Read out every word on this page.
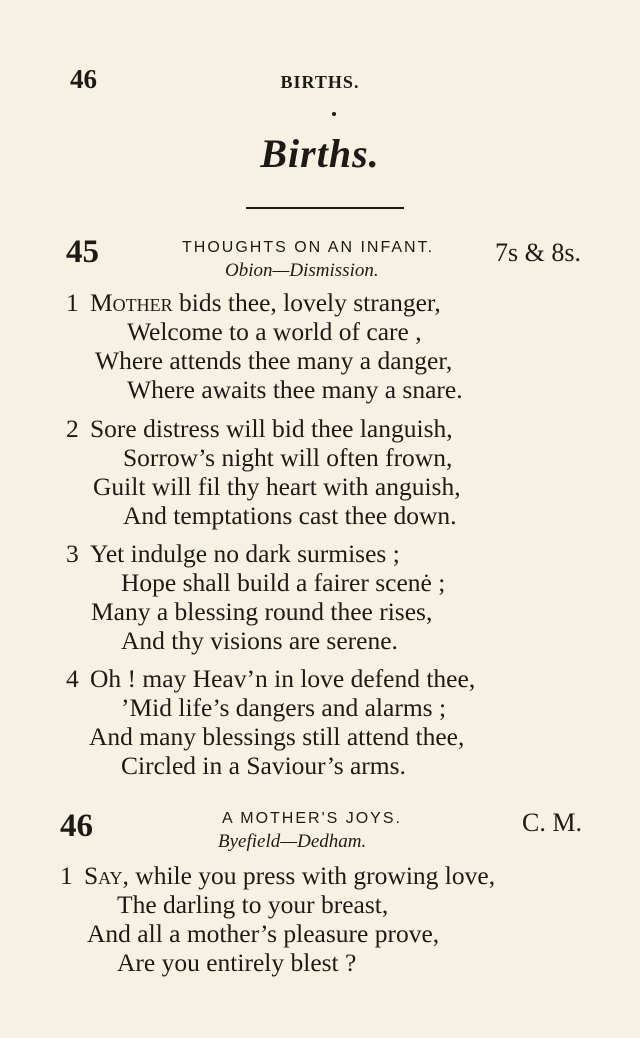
46	BIRTHS.
Births.
45	THOUGHTS ON AN INFANT.
Obion—Dismission.
7s & 8s.
1 Mother bids thee, lovely stranger,
Welcome to a world of care ,
Where attends thee many a danger,
Where awaits thee many a snare.
2 Sore distress will bid thee languish,
Sorrow’s night will often frown,
Guilt will fil thy heart with anguish,
And temptations cast thee down.
3 Yet indulge no dark surmises ;
Hope shall build a fairer scenė ;
Many a blessing round thee rises,
And thy visions are serene.
4 Oh ! may Heav’n in love defend thee,
’Mid life’s dangers and alarms ;
And many blessings still attend thee,
Circled in a Saviour’s arms.
46	A MOTHER'S JOYS.
Byefield—Dedham.
C. M.
1 Say, while you press with growing love,
The darling to your breast,
And all a mother’s pleasure prove,
Are you entirely blest ?
